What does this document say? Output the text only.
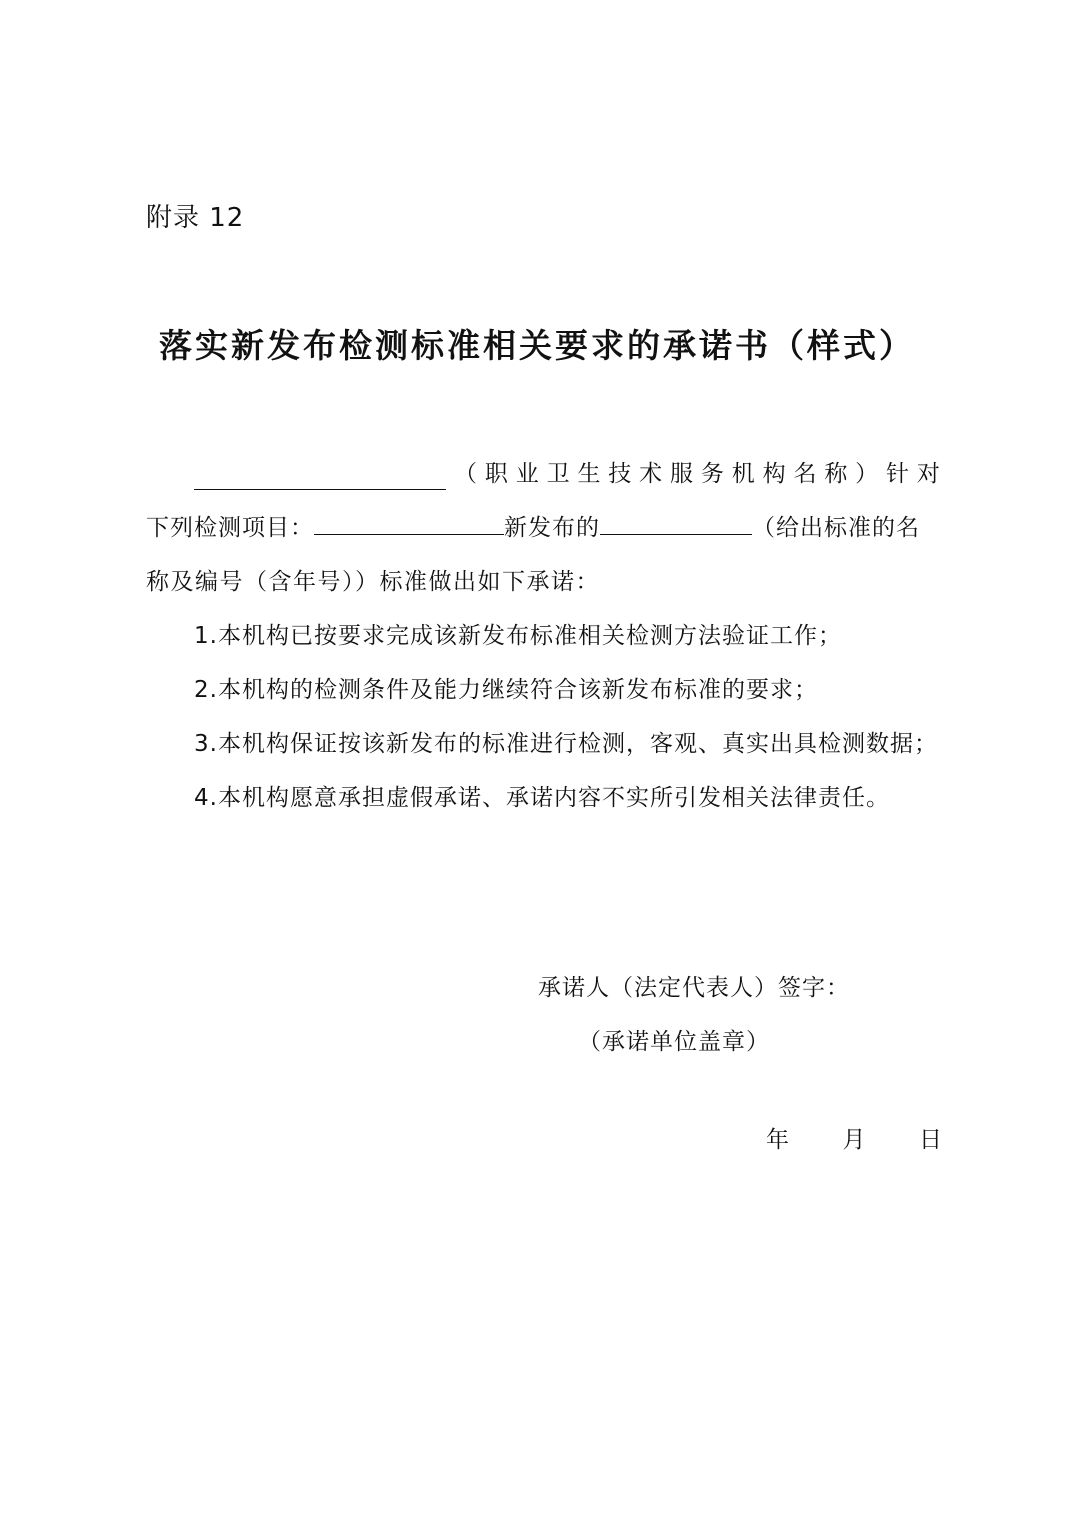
附录 12
落实新发布检测标准相关要求的承诺书（样式）
（ 职 业 卫 生 技 术 服 务 机 构 名 称 ） 针 对
下列检测项目：	新发布的	（给出标准的名
称及编号（含年号））标准做出如下承诺：
1.本机构已按要求完成该新发布标准相关检测方法验证工作；
2.本机构的检测条件及能力继续符合该新发布标准的要求；
3.本机构保证按该新发布的标准进行检测，客观、真实出具检测数据；
4.本机构愿意承担虚假承诺、承诺内容不实所引发相关法律责任。
承诺人（法定代表人）签字：
（承诺单位盖章）
年 月 日
